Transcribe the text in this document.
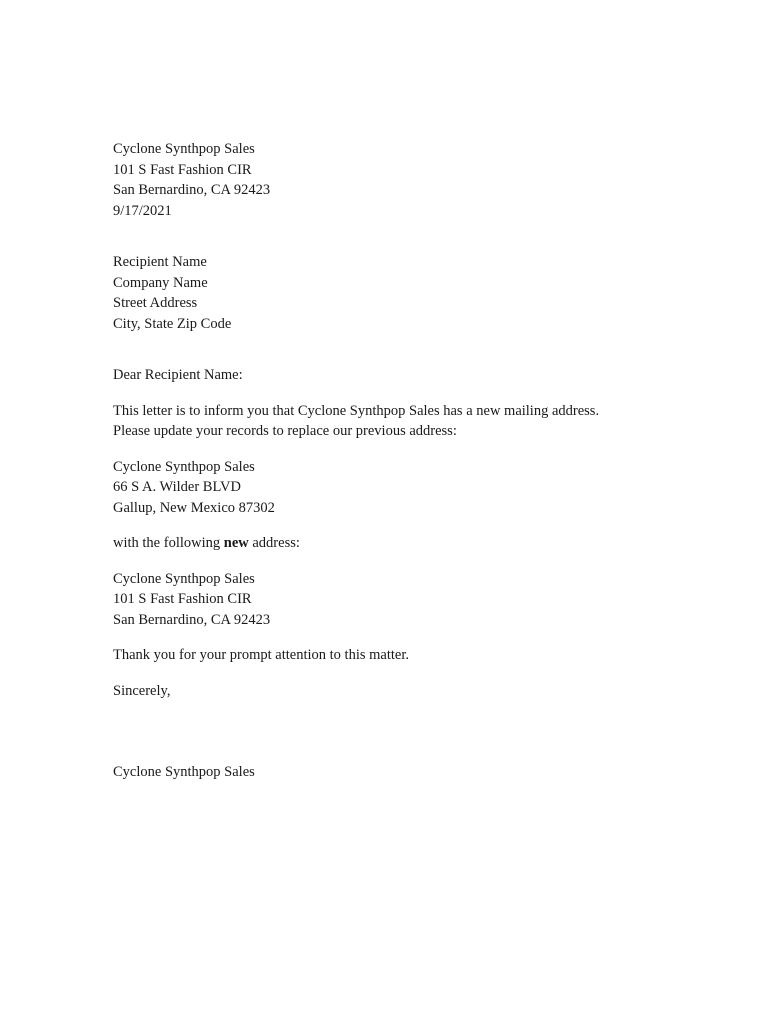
Cyclone Synthpop Sales
101 S Fast Fashion CIR
San Bernardino, CA 92423
9/17/2021
Recipient Name
Company Name
Street Address
City, State Zip Code
Dear Recipient Name:
This letter is to inform you that Cyclone Synthpop Sales has a new mailing address.
Please update your records to replace our previous address:
Cyclone Synthpop Sales
66 S A. Wilder BLVD
Gallup, New Mexico 87302
with the following new address:
Cyclone Synthpop Sales
101 S Fast Fashion CIR
San Bernardino, CA 92423
Thank you for your prompt attention to this matter.
Sincerely,
Cyclone Synthpop Sales
